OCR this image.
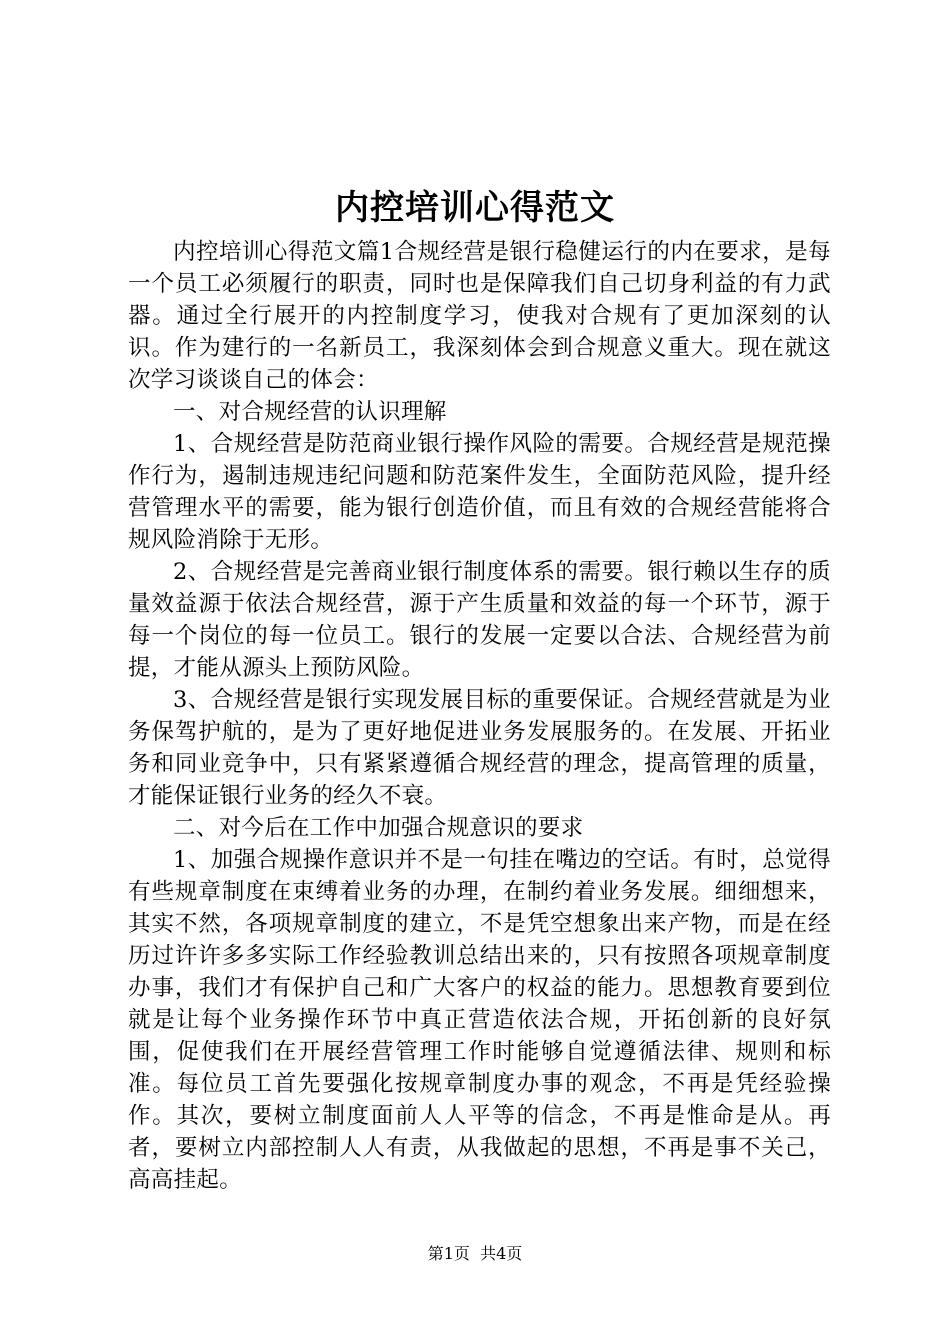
内控培训心得范文

内控培训心得范文篇1合规经营是银行稳健运行的内在要求，是每一个员工必须履行的职责，同时也是保障我们自己切身利益的有力武器。通过全行展开的内控制度学习，使我对合规有了更加深刻的认识。作为建行的一名新员工，我深刻体会到合规意义重大。现在就这次学习谈谈自己的体会：

一、对合规经营的认识理解

1、合规经营是防范商业银行操作风险的需要。合规经营是规范操作行为，遏制违规违纪问题和防范案件发生，全面防范风险，提升经营管理水平的需要，能为银行创造价值，而且有效的合规经营能将合规风险消除于无形。

2、合规经营是完善商业银行制度体系的需要。银行赖以生存的质量效益源于依法合规经营，源于产生质量和效益的每一个环节，源于每一个岗位的每一位员工。银行的发展一定要以合法、合规经营为前提，才能从源头上预防风险。

3、合规经营是银行实现发展目标的重要保证。合规经营就是为业务保驾护航的，是为了更好地促进业务发展服务的。在发展、开拓业务和同业竞争中，只有紧紧遵循合规经营的理念，提高管理的质量，才能保证银行业务的经久不衰。

二、对今后在工作中加强合规意识的要求

1、加强合规操作意识并不是一句挂在嘴边的空话。有时，总觉得有些规章制度在束缚着业务的办理，在制约着业务发展。细细想来，其实不然，各项规章制度的建立，不是凭空想象出来产物，而是在经历过许许多多实际工作经验教训总结出来的，只有按照各项规章制度办事，我们才有保护自己和广大客户的权益的能力。思想教育要到位就是让每个业务操作环节中真正营造依法合规，开拓创新的良好氛围，促使我们在开展经营管理工作时能够自觉遵循法律、规则和标准。每位员工首先要强化按规章制度办事的观念，不再是凭经验操作。其次，要树立制度面前人人平等的信念，不再是惟命是从。再者，要树立内部控制人人有责，从我做起的思想，不再是事不关己，高高挂起。

第1页 共4页
